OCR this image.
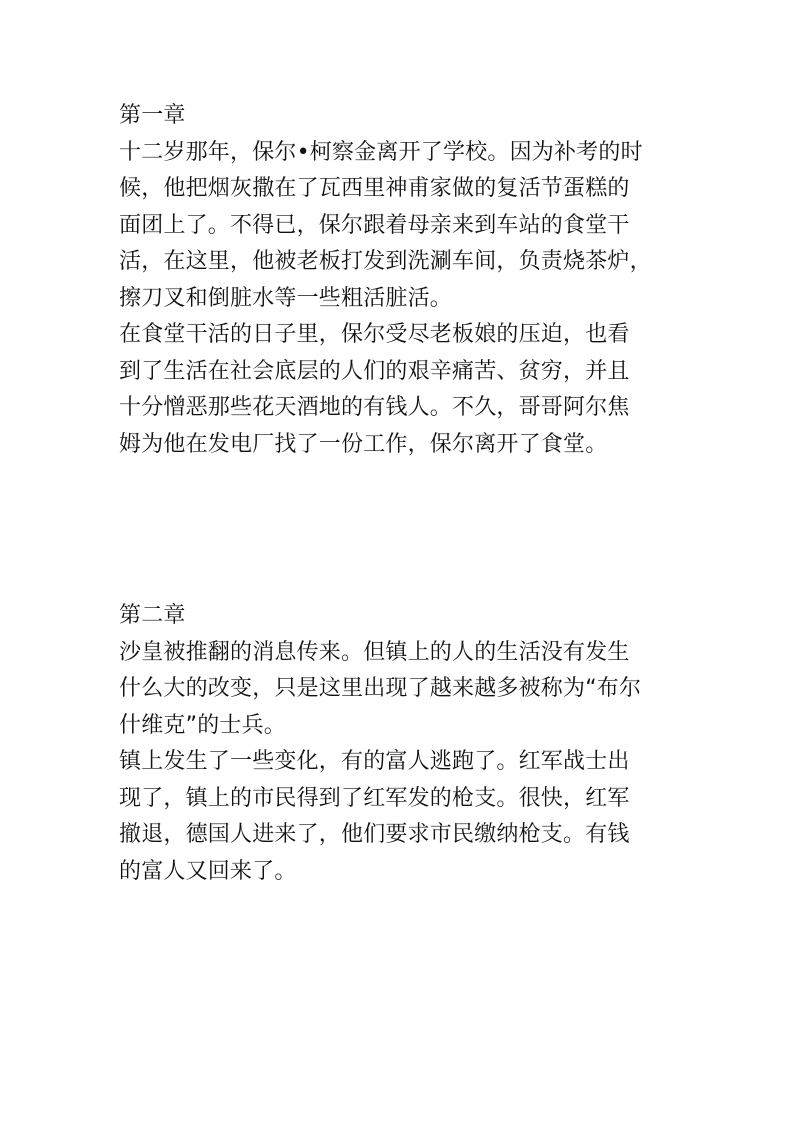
第一章
十二岁那年，保尔•柯察金离开了学校。因为补考的时
候，他把烟灰撒在了瓦西里神甫家做的复活节蛋糕的
面团上了。不得已，保尔跟着母亲来到车站的食堂干
活，在这里，他被老板打发到洗涮车间，负责烧茶炉，
擦刀叉和倒脏水等一些粗活脏活。
在食堂干活的日子里，保尔受尽老板娘的压迫，也看
到了生活在社会底层的人们的艰辛痛苦、贫穷，并且
十分憎恶那些花天酒地的有钱人。不久，哥哥阿尔焦
姆为他在发电厂找了一份工作，保尔离开了食堂。
第二章
沙皇被推翻的消息传来。但镇上的人的生活没有发生
什么大的改变，只是这里出现了越来越多被称为“布尔
什维克”的士兵。
镇上发生了一些变化，有的富人逃跑了。红军战士出
现了，镇上的市民得到了红军发的枪支。很快，红军
撤退，德国人进来了，他们要求市民缴纳枪支。有钱
的富人又回来了。
